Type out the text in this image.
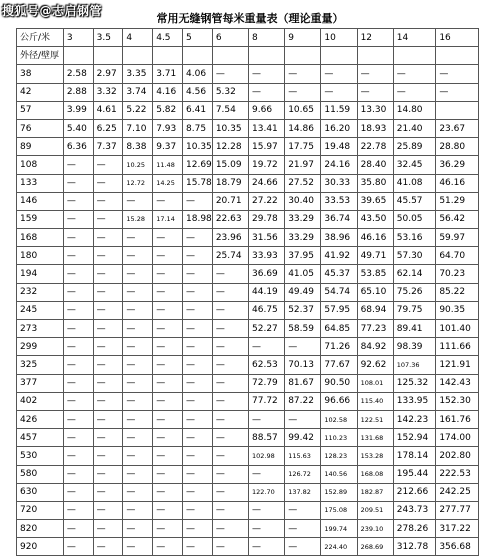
搜狐号@志启钢管
常用无缝钢管每米重量表（理论重量）
公斤/米	3	3.5	4	4.5	5	6	8	9	10	12	14	16
外径/壁厚												
38	2.58	2.97	3.35	3.71	4.06	—	—	—	—	—	—	—
42	2.88	3.32	3.74	4.16	4.56	5.32	—	—	—	—	—	—
57	3.99	4.61	5.22	5.82	6.41	7.54	9.66	10.65	11.59	13.30	14.80	
76	5.40	6.25	7.10	7.93	8.75	10.35	13.41	14.86	16.20	18.93	21.40	23.67
89	6.36	7.37	8.38	9.37	10.35	12.28	15.97	17.75	19.48	22.78	25.89	28.80
108	—	—	10.25	11.48	12.69	15.09	19.72	21.97	24.16	28.40	32.45	36.29
133	—	—	12.72	14.25	15.78	18.79	24.66	27.52	30.33	35.80	41.08	46.16
146	—	—	—	—	—	20.71	27.22	30.40	33.53	39.65	45.57	51.29
159	—	—	15.28	17.14	18.98	22.63	29.78	33.29	36.74	43.50	50.05	56.42
168	—	—	—	—	—	23.96	31.56	33.29	38.96	46.16	53.16	59.97
180	—	—	—	—	—	25.74	33.93	37.95	41.92	49.71	57.30	64.70
194	—	—	—	—	—	—	36.69	41.05	45.37	53.85	62.14	70.23
232	—	—	—	—	—	—	44.19	49.49	54.74	65.10	75.26	85.22
245	—	—	—	—	—	—	46.75	52.37	57.95	68.94	79.75	90.35
273	—	—	—	—	—	—	52.27	58.59	64.85	77.23	89.41	101.40
299	—	—	—	—	—	—	—	—	71.26	84.92	98.39	111.66
325	—	—	—	—	—	—	62.53	70.13	77.67	92.62	107.36	121.91
377	—	—	—	—	—	—	72.79	81.67	90.50	108.01	125.32	142.43
402	—	—	—	—	—	—	77.72	87.22	96.66	115.40	133.95	152.30
426	—	—	—	—	—	—	—	—	102.58	122.51	142.23	161.76
457	—	—	—	—	—	—	88.57	99.42	110.23	131.68	152.94	174.00
530	—	—	—	—	—	—	102.98	115.63	128.23	153.28	178.14	202.80
580	—	—	—	—	—	—	—	126.72	140.56	168.08	195.44	222.53
630	—	—	—	—	—	—	122.70	137.82	152.89	182.87	212.66	242.25
720	—	—	—	—	—	—	—	—	175.08	209.51	243.73	277.77
820	—	—	—	—	—	—	—	—	199.74	239.10	278.26	317.22
920	—	—	—	—	—	—	—	—	224.40	268.69	312.78	356.68
